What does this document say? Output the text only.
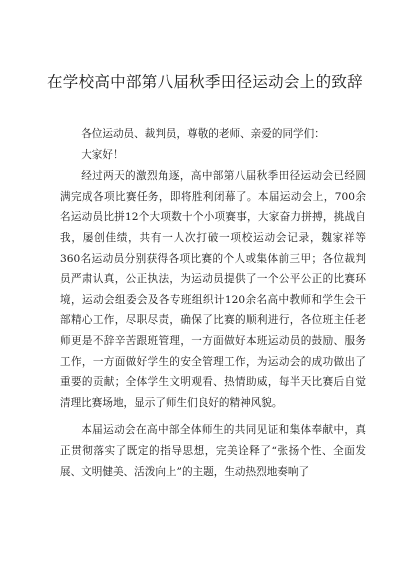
在学校高中部第八届秋季田径运动会上的致辞

各位运动员、裁判员，尊敬的老师、亲爱的同学们：

大家好！

经过两天的激烈角逐，高中部第八届秋季田径运动会已经圆满完成各项比赛任务，即将胜利闭幕了。本届运动会上，700余名运动员比拼12个大项数十个小项赛事，大家奋力拼搏，挑战自我，屡创佳绩，共有一人次打破一项校运动会记录，魏家祥等360名运动员分别获得各项比赛的个人或集体前三甲；各位裁判员严肃认真，公正执法，为运动员提供了一个公平公正的比赛环境，运动会组委会及各专班组织计120余名高中教师和学生会干部精心工作，尽职尽责，确保了比赛的顺利进行，各位班主任老师更是不辞辛苦跟班管理，一方面做好本班运动员的鼓励、服务工作，一方面做好学生的安全管理工作，为运动会的成功做出了重要的贡献；全体学生文明观看、热情助威，每半天比赛后自觉清理比赛场地，显示了师生们良好的精神风貌。

本届运动会在高中部全体师生的共同见证和集体奉献中，真正贯彻落实了既定的指导思想，完美诠释了“张扬个性、全面发展、文明健美、活泼向上”的主题，生动热烈地奏响了
